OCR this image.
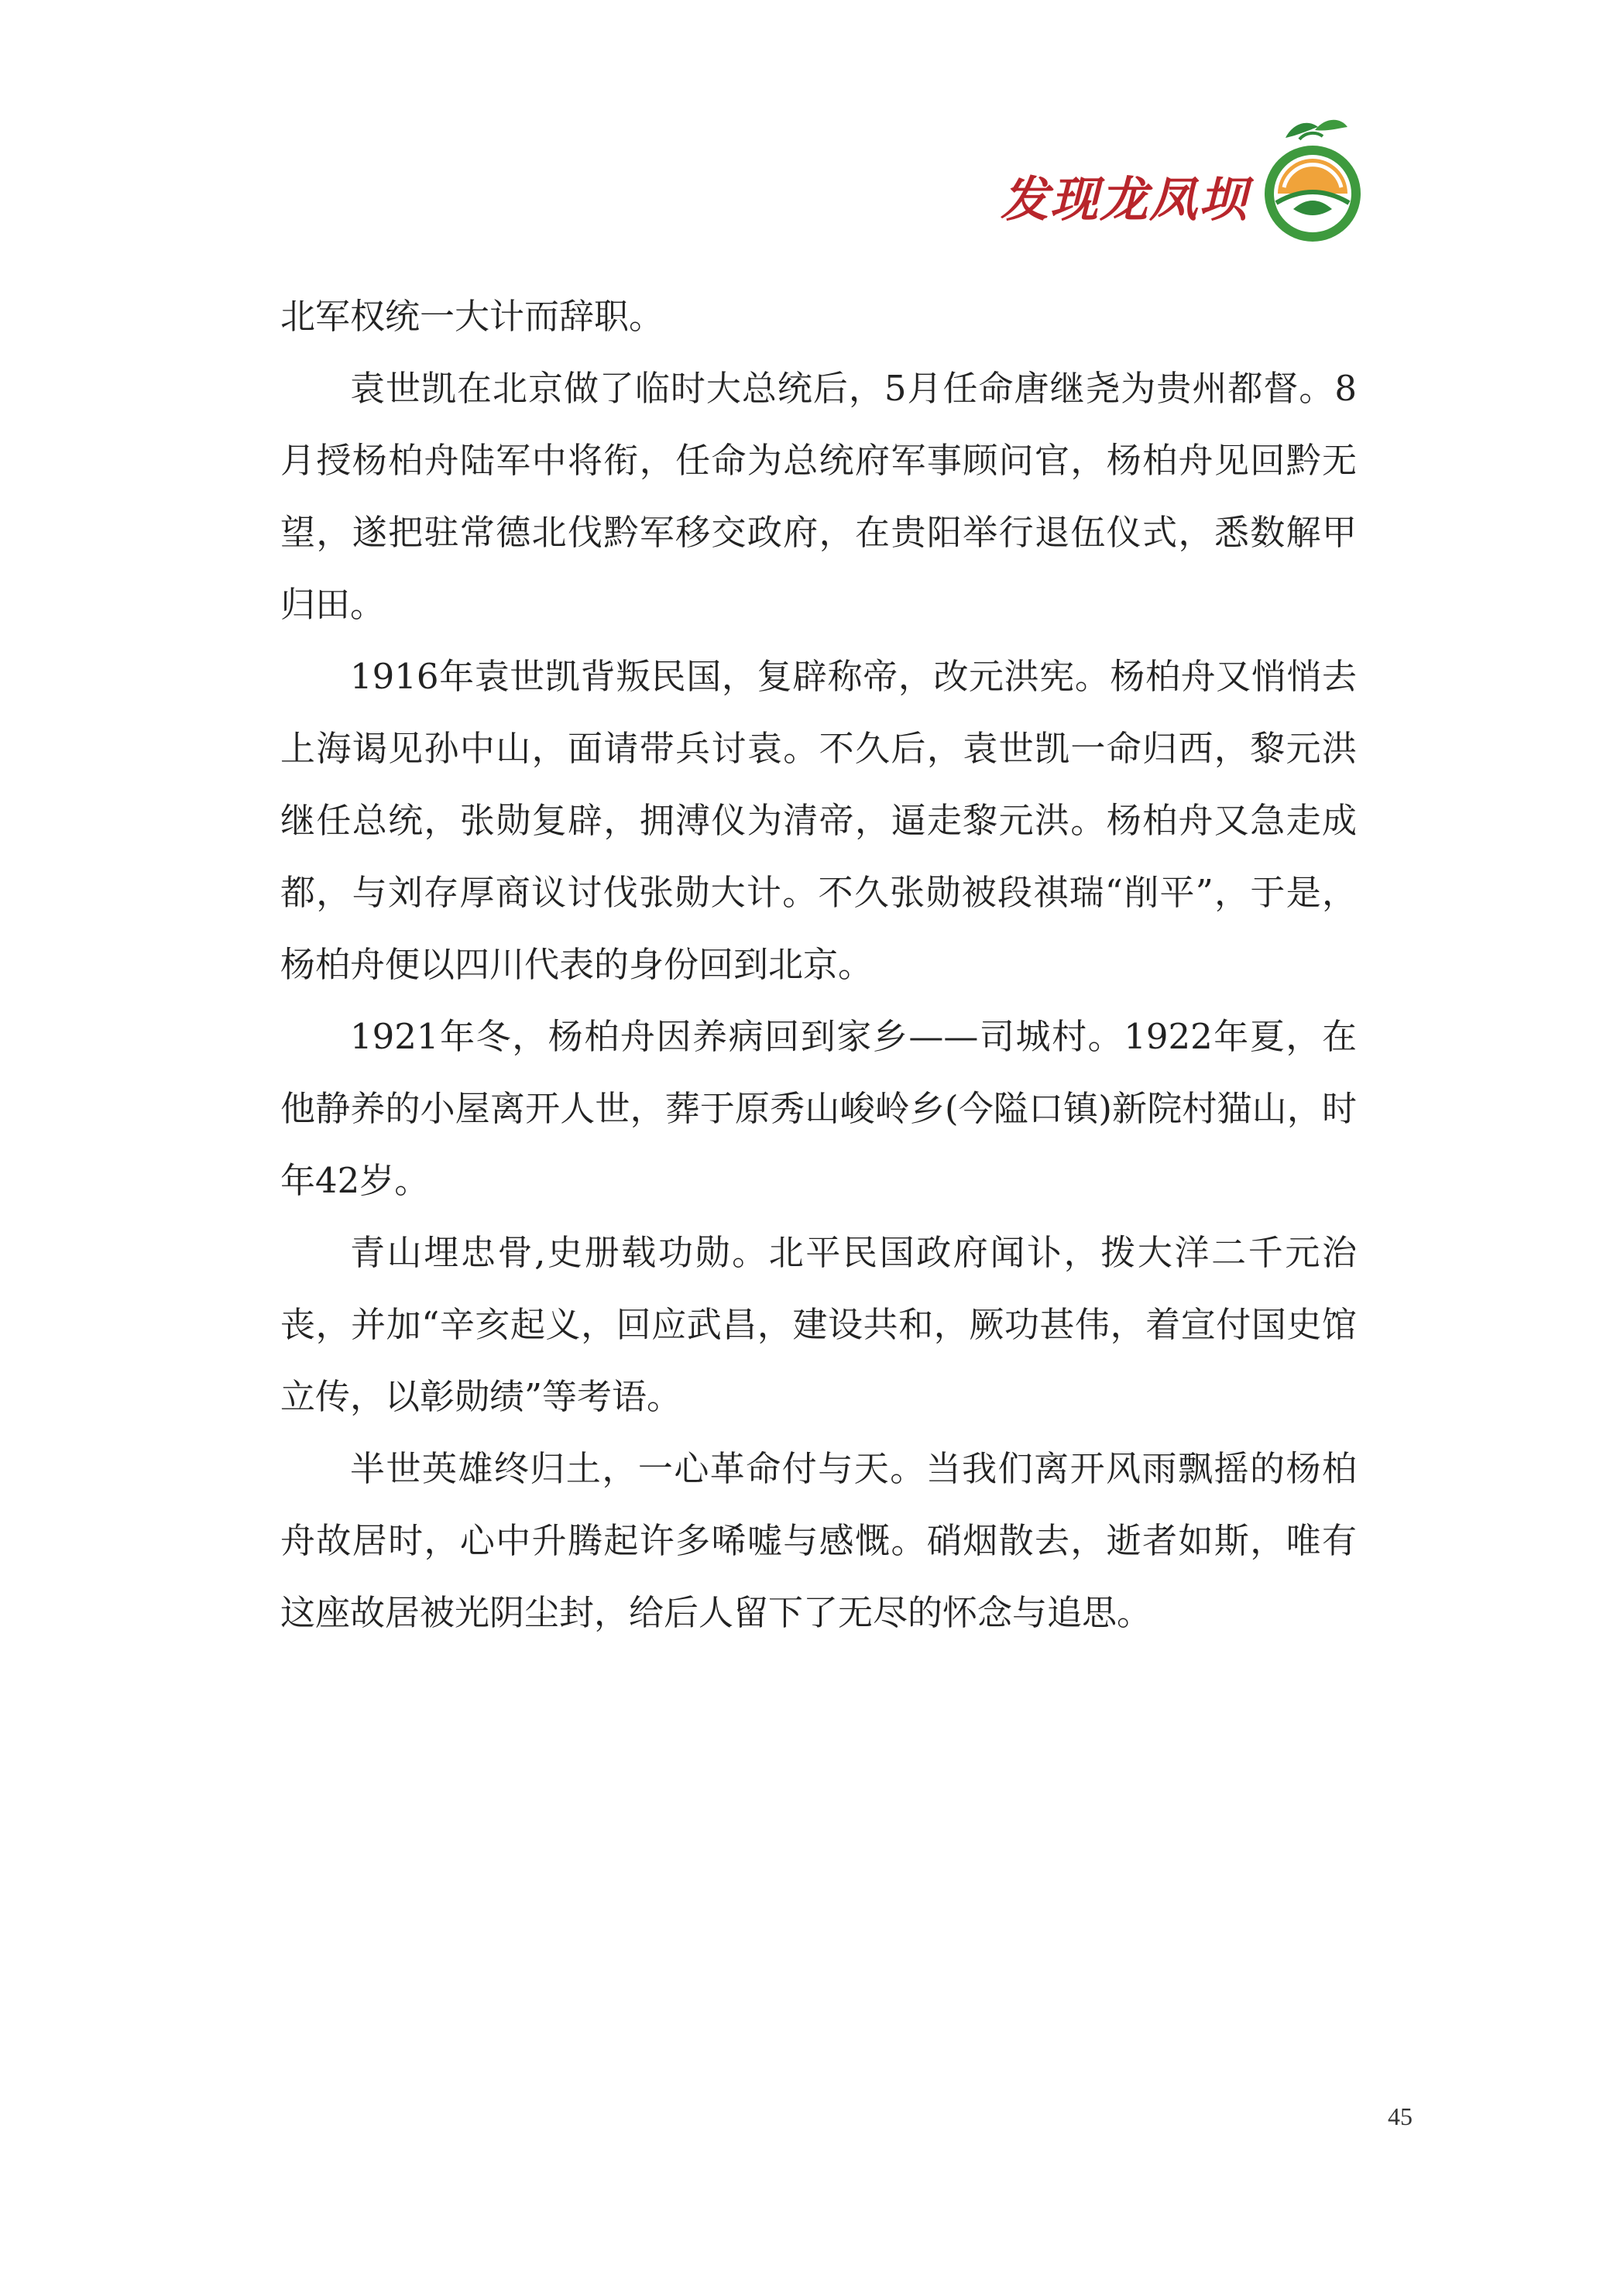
发现龙凤坝

北军权统一大计而辞职。

袁世凯在北京做了临时大总统后，5月任命唐继尧为贵州都督。8月授杨柏舟陆军中将衔，任命为总统府军事顾问官，杨柏舟见回黔无望，遂把驻常德北伐黔军移交政府，在贵阳举行退伍仪式，悉数解甲归田。

1916年袁世凯背叛民国，复辟称帝，改元洪宪。杨柏舟又悄悄去上海谒见孙中山，面请带兵讨袁。不久后，袁世凯一命归西，黎元洪继任总统，张勋复辟，拥溥仪为清帝，逼走黎元洪。杨柏舟又急走成都，与刘存厚商议讨伐张勋大计。不久张勋被段祺瑞“削平”，于是，杨柏舟便以四川代表的身份回到北京。

1921年冬，杨柏舟因养病回到家乡——司城村。1922年夏，在他静养的小屋离开人世，葬于原秀山峻岭乡(今隘口镇)新院村猫山，时年42岁。

青山埋忠骨,史册载功勋。北平民国政府闻讣，拨大洋二千元治丧，并加“辛亥起义，回应武昌，建设共和，厥功甚伟，着宣付国史馆立传，以彰勋绩”等考语。

半世英雄终归土，一心革命付与天。当我们离开风雨飘摇的杨柏舟故居时，心中升腾起许多唏嘘与感慨。硝烟散去，逝者如斯，唯有这座故居被光阴尘封，给后人留下了无尽的怀念与追思。

45
